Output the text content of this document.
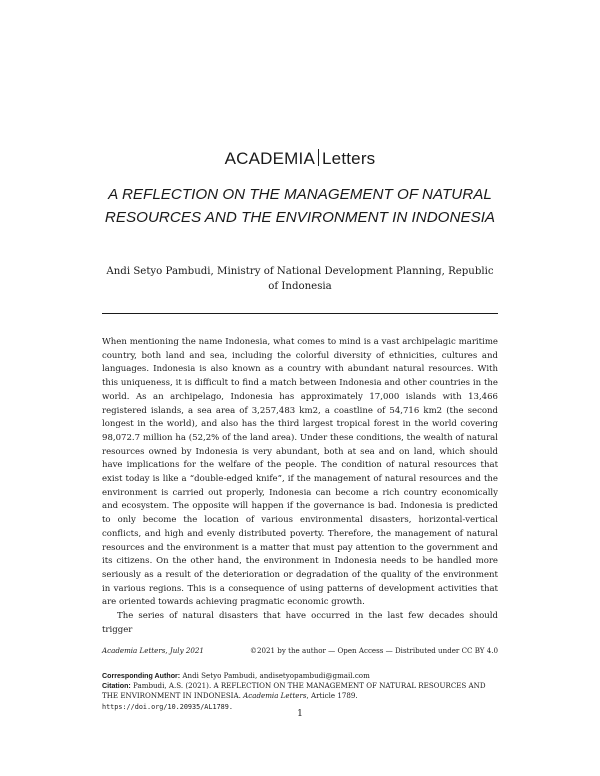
ACADEMIA Letters
A REFLECTION ON THE MANAGEMENT OF NATURAL RESOURCES AND THE ENVIRONMENT IN INDONESIA
Andi Setyo Pambudi, Ministry of National Development Planning, Republic of Indonesia

When mentioning the name Indonesia, what comes to mind is a vast archipelagic maritime country, both land and sea, including the colorful diversity of ethnicities, cultures and languages. Indonesia is also known as a country with abundant natural resources. With this uniqueness, it is difficult to find a match between Indonesia and other countries in the world. As an archipelago, Indonesia has approximately 17,000 islands with 13,466 registered islands, a sea area of 3,257,483 km2, a coastline of 54,716 km2 (the second longest in the world), and also has the third largest tropical forest in the world covering 98,072.7 million ha (52,2% of the land area). Under these conditions, the wealth of natural resources owned by Indonesia is very abundant, both at sea and on land, which should have implications for the welfare of the people. The condition of natural resources that exist today is like a “double-edged knife”, if the management of natural resources and the environment is carried out properly, Indonesia can become a rich country economically and ecosystem. The opposite will happen if the governance is bad. Indonesia is predicted to only become the location of various environmental disasters, horizontal-vertical conflicts, and high and evenly distributed poverty. Therefore, the management of natural resources and the environment is a matter that must pay attention to the government and its citizens. On the other hand, the environment in Indonesia needs to be handled more seriously as a result of the deterioration or degradation of the quality of the environment in various regions. This is a consequence of using patterns of development activities that are oriented towards achieving pragmatic economic growth.

The series of natural disasters that have occurred in the last few decades should trigger

Academia Letters, July 2021	©2021 by the author — Open Access — Distributed under CC BY 4.0
Corresponding Author: Andi Setyo Pambudi, andisetyopambudi@gmail.com
Citation: Pambudi, A.S. (2021). A REFLECTION ON THE MANAGEMENT OF NATURAL RESOURCES AND THE ENVIRONMENT IN INDONESIA. Academia Letters, Article 1789.
https://doi.org/10.20935/AL1789.
1
